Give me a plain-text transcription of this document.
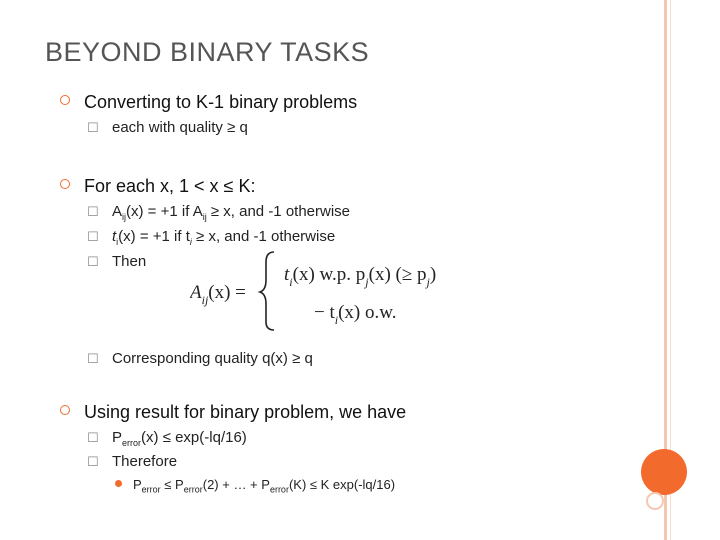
BEYOND BINARY TASKS
Converting to K-1 binary problems
☐ each with quality ≥ q
For each x, 1 < x ≤ K:
☐ $A_{ij}(x) = +1$ if $A_{ij} \ge x$, and -1 otherwise
☐ $t_i(x) = +1$ if $t_i \ge x$, and -1 otherwise
☐ Then
$A_{ij}(x)$ =
$t_i(x)$ w.p. $p_j(x)$ (≥ $p_j$)
− $t_i(x)$ o.w.
☐ Corresponding quality q(x) ≥ q
Using result for binary problem, we have
☐ $P_{error}(x) \le \exp(-lq/16)$
☐ Therefore
$P_{error} \le P_{error}(2)$ + … + $P_{error}(K) \le K$ exp(-lq/16)
